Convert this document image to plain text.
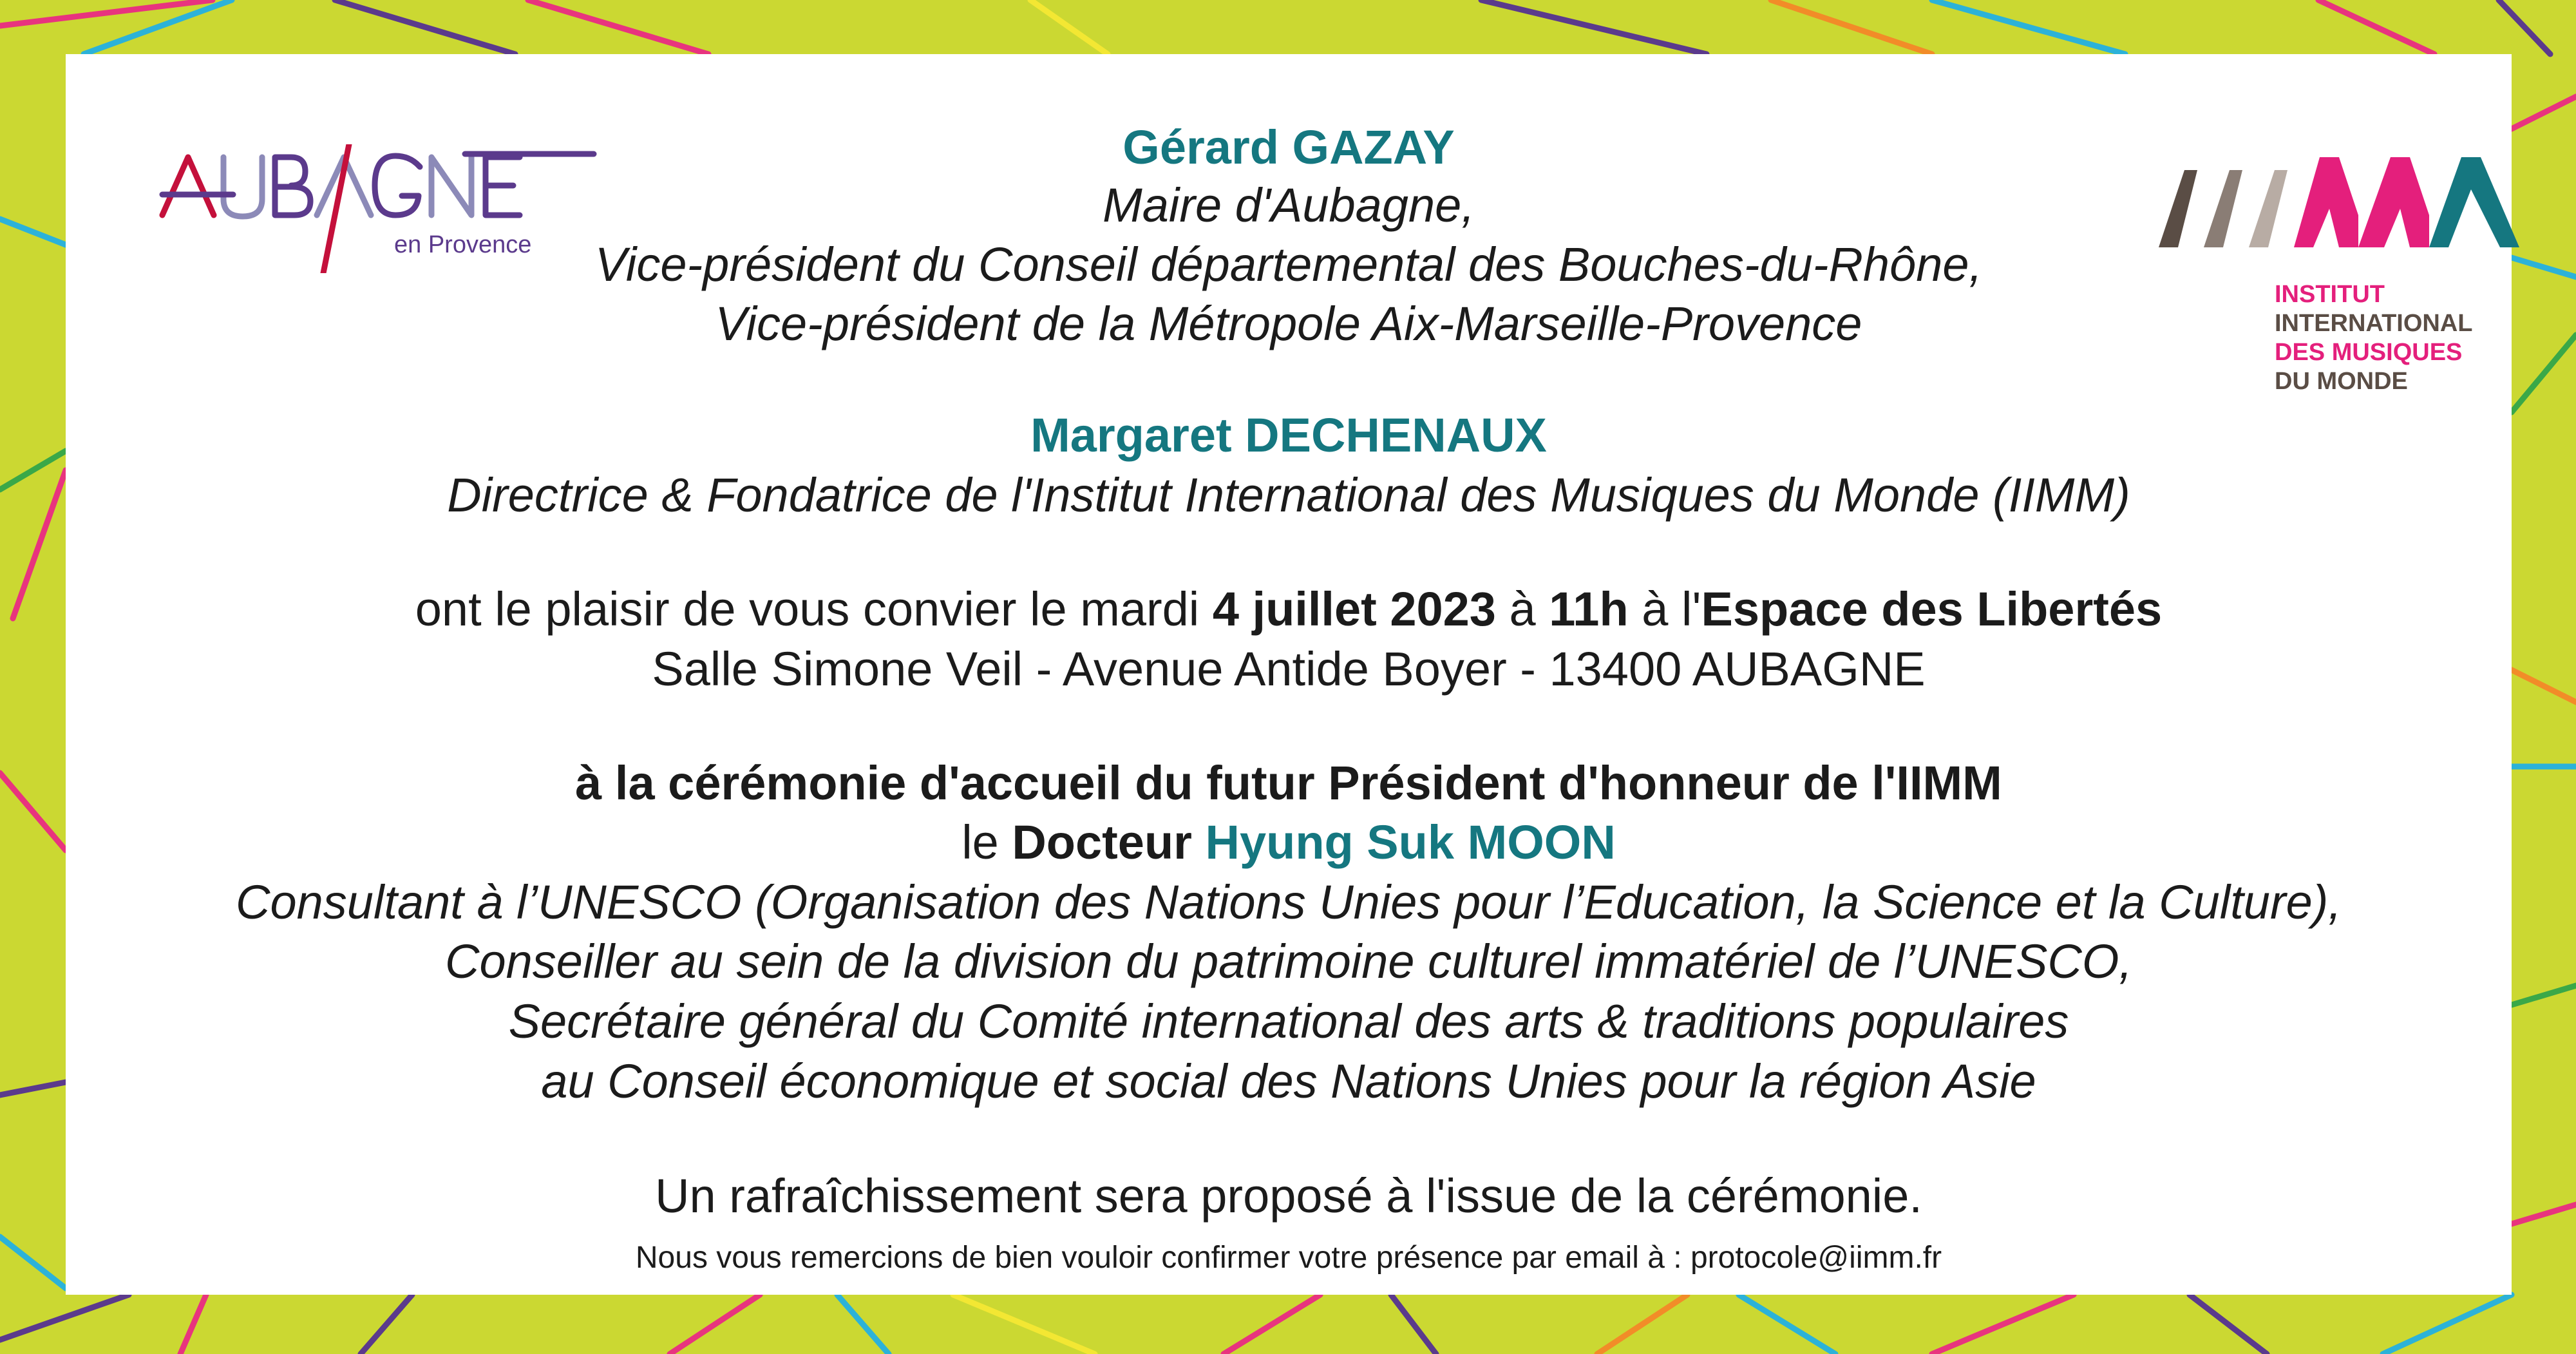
en Provence
INSTITUT
INTERNATIONAL
DES MUSIQUES
DU MONDE
Gérard GAZAY
Maire d'Aubagne,
Vice-président du Conseil départemental des Bouches-du-Rhône,
Vice-président de la Métropole Aix-Marseille-Provence
Margaret DECHENAUX
Directrice & Fondatrice de l'Institut International des Musiques du Monde (IIMM)
ont le plaisir de vous convier le mardi 4 juillet 2023 à 11h à l'Espace des Libertés
Salle Simone Veil - Avenue Antide Boyer - 13400 AUBAGNE
à la cérémonie d'accueil du futur Président d'honneur de l'IIMM
le Docteur Hyung Suk MOON
Consultant à l’UNESCO (Organisation des Nations Unies pour l’Education, la Science et la Culture),
Conseiller au sein de la division du patrimoine culturel immatériel de l’UNESCO,
Secrétaire général du Comité international des arts & traditions populaires
au Conseil économique et social des Nations Unies pour la région Asie
Un rafraîchissement sera proposé à l'issue de la cérémonie.
Nous vous remercions de bien vouloir confirmer votre présence par email à : protocole@iimm.fr
